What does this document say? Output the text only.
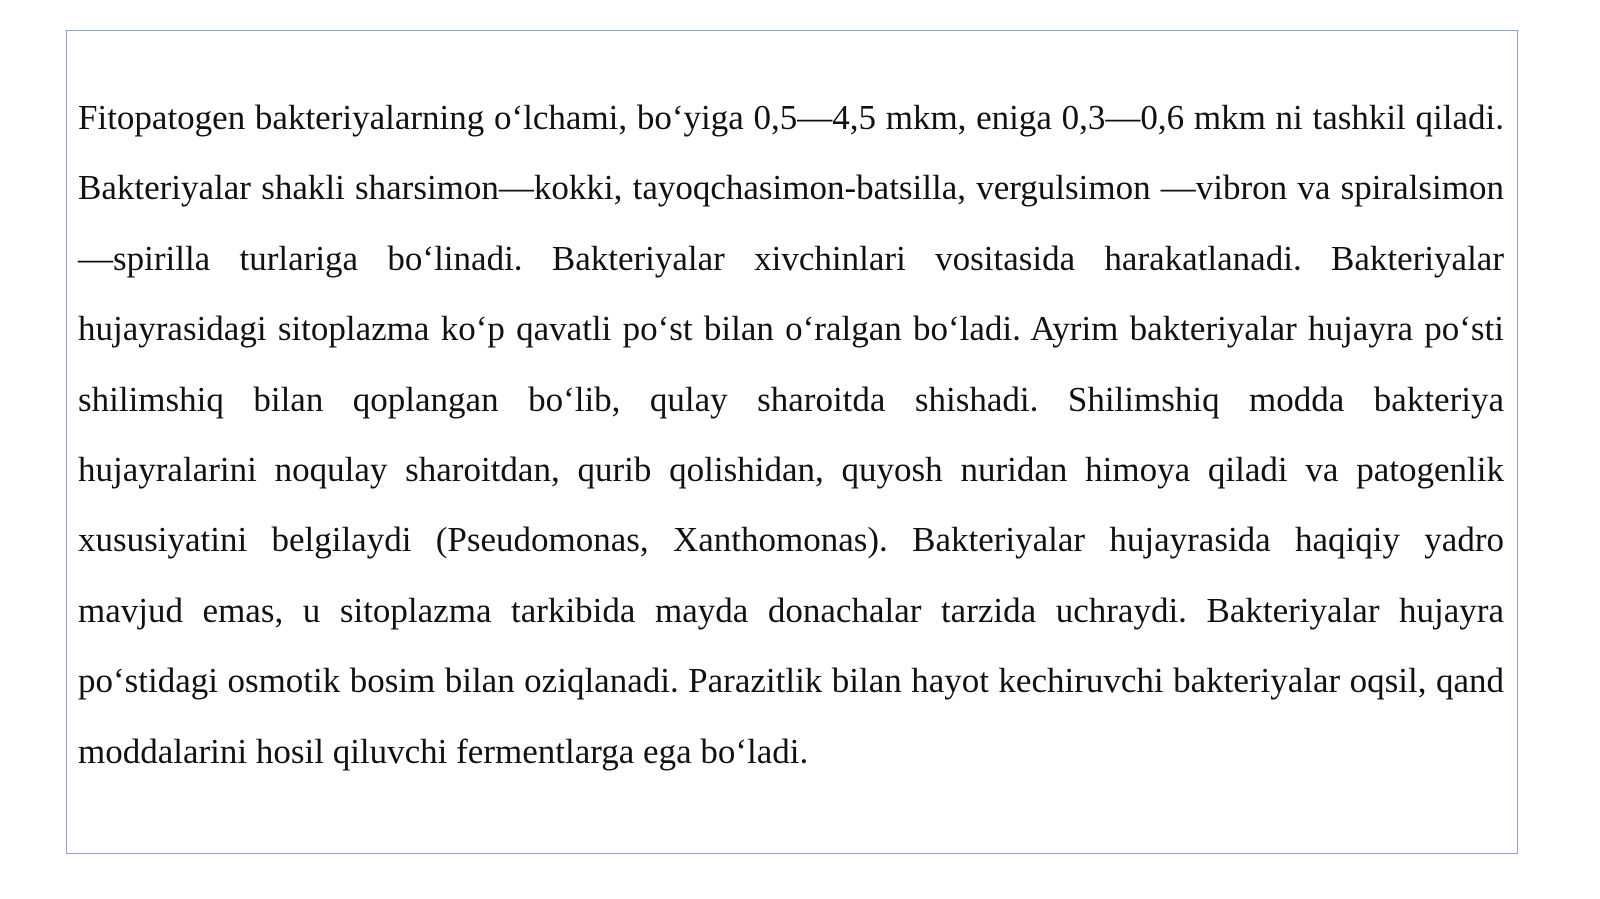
Fitopatogen bakteriyalarning o‘lchami, bo‘yiga 0,5—4,5 mkm, eniga 0,3—0,6 mkm ni tashkil qiladi. Bakteriyalar shakli sharsimon—kokki, tayoqchasimon-batsilla, vergulsimon —vibron va spiralsimon—spirilla turlariga bo‘linadi. Bakteriyalar xivchinlari vositasida harakatlanadi. Bakteriyalar hujayrasidagi sitoplazma ko‘p qavatli po‘st bilan o‘ralgan bo‘ladi. Ayrim bakteriyalar hujayra po‘sti shilimshiq bilan qoplangan bo‘lib, qulay sharoitda shishadi. Shilimshiq modda bakteriya hujayralarini noqulay sharoitdan, qurib qolishidan, quyosh nuridan himoya qiladi va patogenlik xususiyatini belgilaydi (Pseudomonas, Xanthomonas). Bakteriyalar hujayrasida haqiqiy yadro mavjud emas, u sitoplazma tarkibida mayda donachalar tarzida uchraydi. Bakteriyalar hujayra po‘stidagi osmotik bosim bilan oziqlanadi. Parazitlik bilan hayot kechiruvchi bakteriyalar oqsil, qand moddalarini hosil qiluvchi fermentlarga ega bo‘ladi.
